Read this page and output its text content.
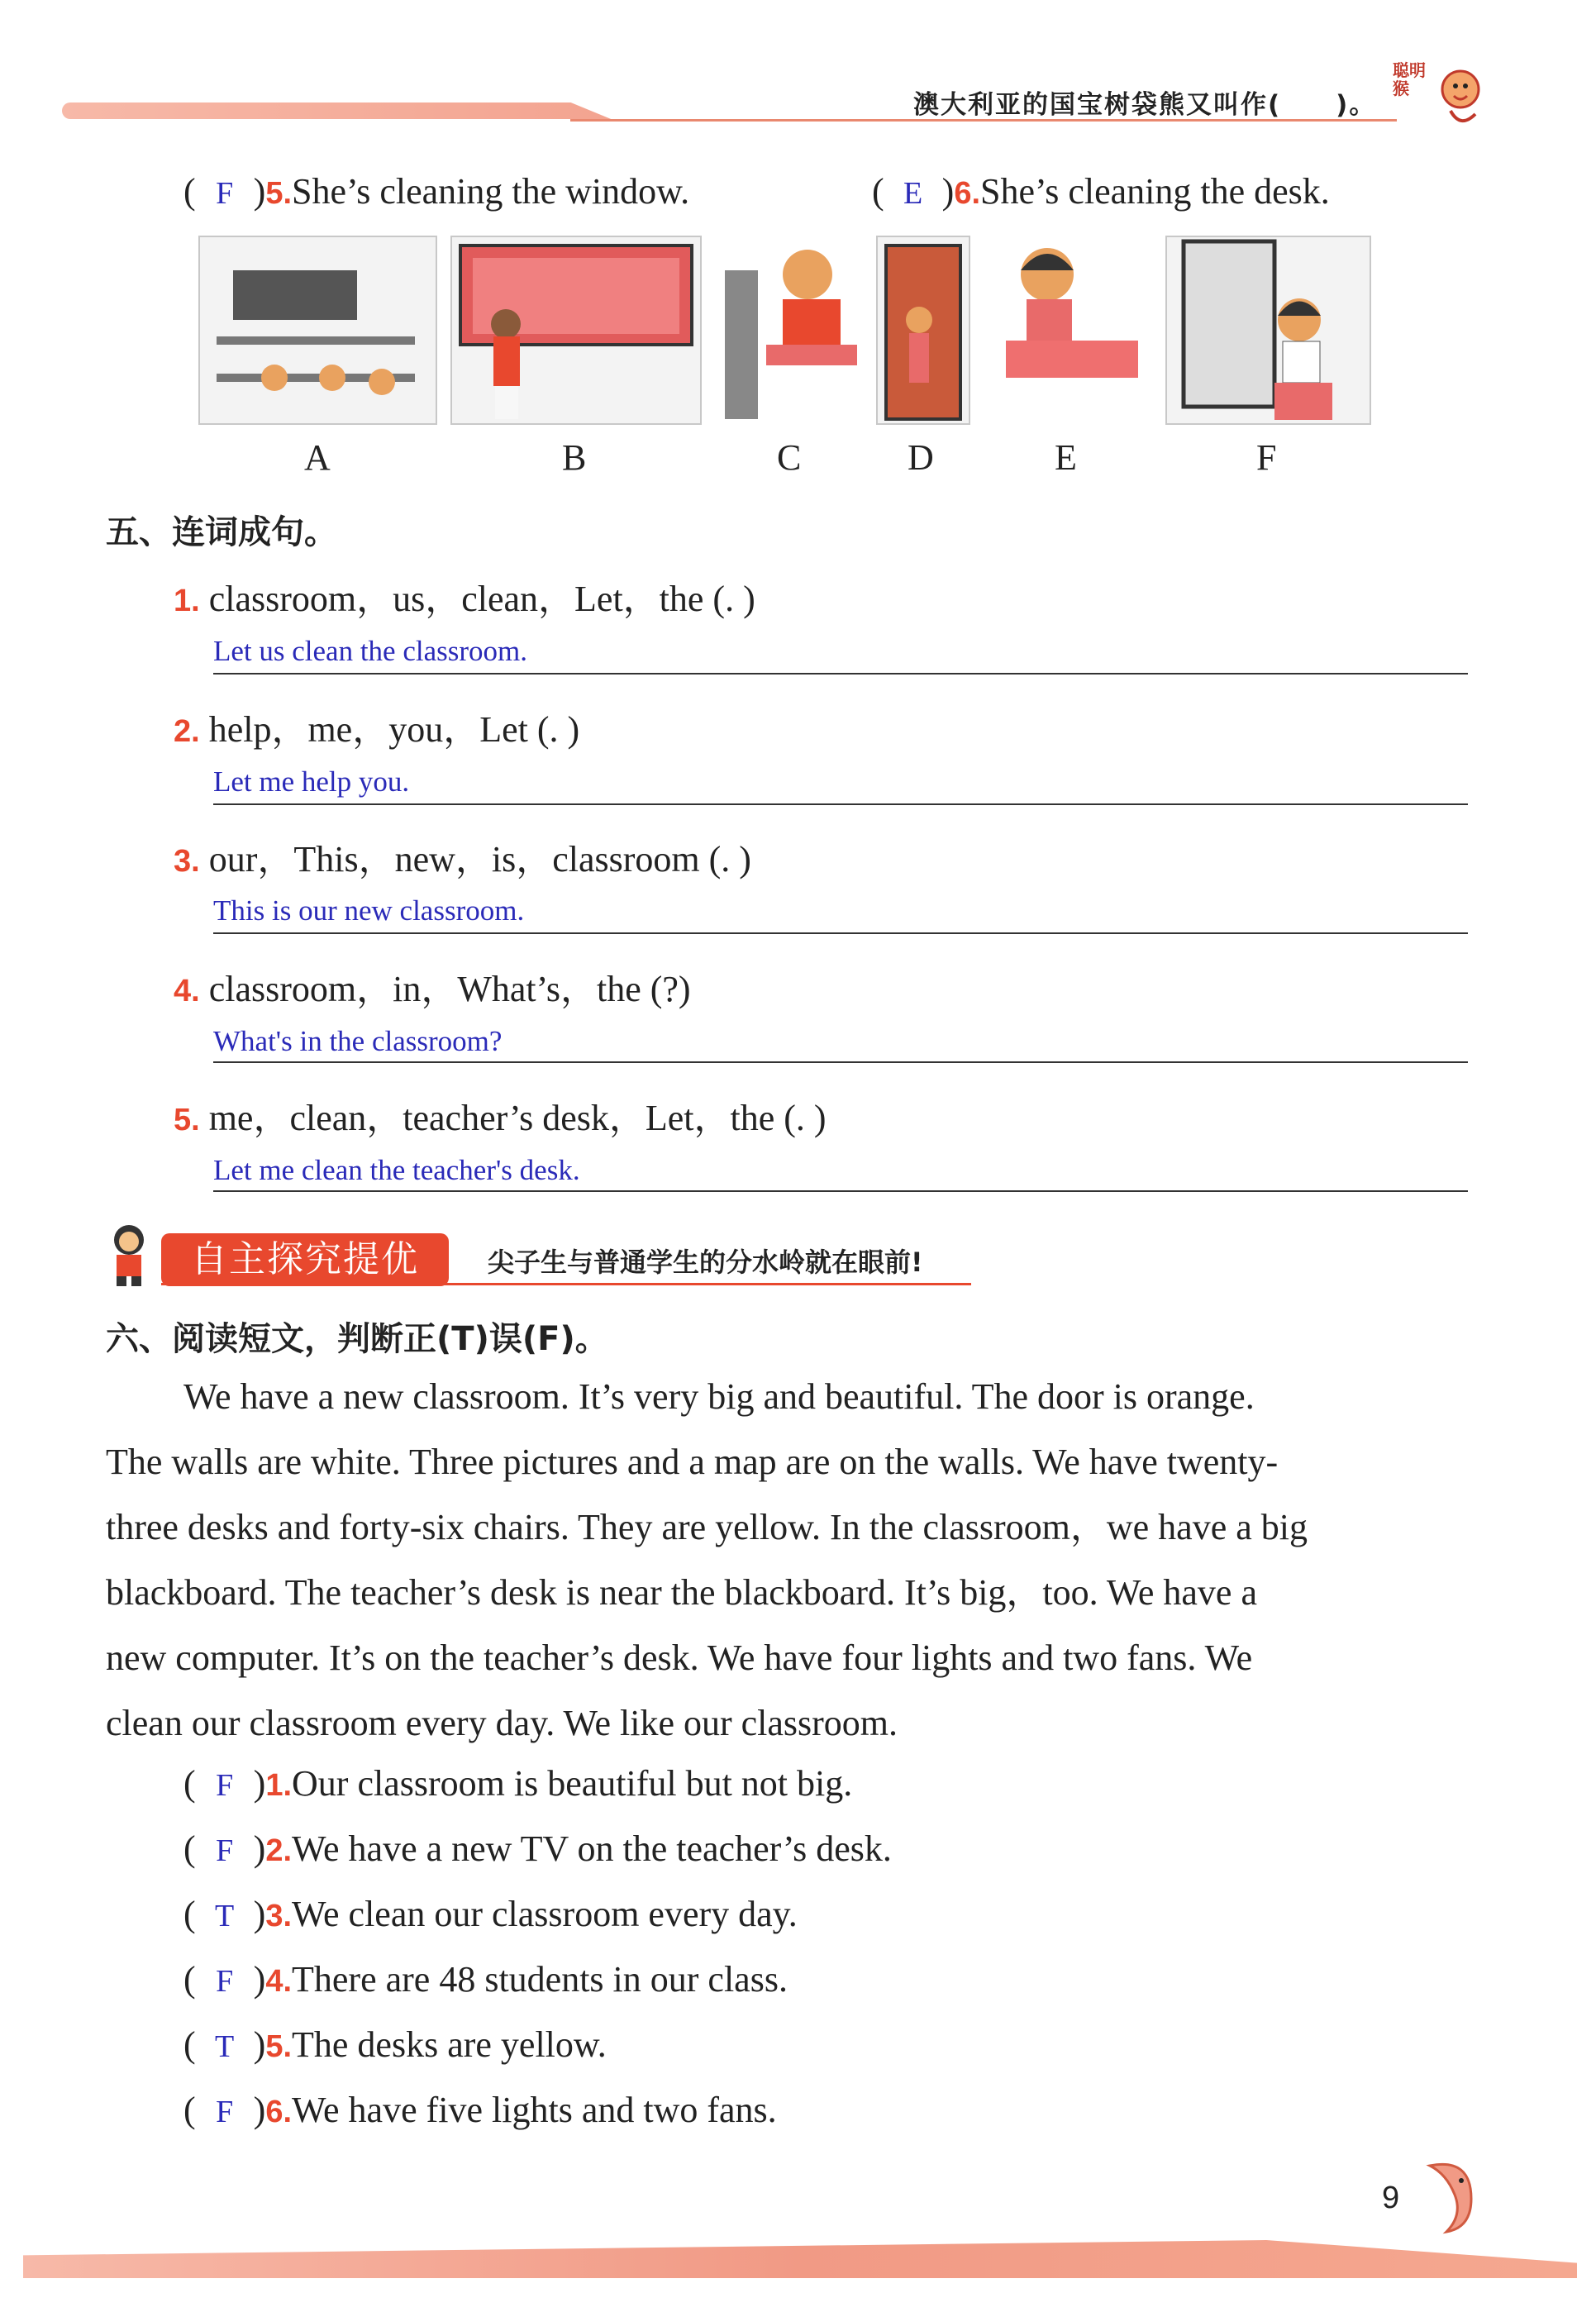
澳大利亚的国宝树袋熊又叫作(　　)。
聪明猴
( F )5.She’s cleaning the window.	( E )6.She’s cleaning the desk.
A	B	C	D	E	F
五、连词成句。
1. classroom，us，clean，Let，the (. )
Let us clean the classroom.
2. help，me，you，Let (. )
Let me help you.
3. our，This，new，is，classroom (. )
This is our new classroom.
4. classroom，in，What’s，the (?)
What's in the classroom?
5. me，clean，teacher’s desk，Let，the (. )
Let me clean the teacher's desk.
自主探究提优	尖子生与普通学生的分水岭就在眼前!
六、阅读短文，判断正(T)误(F)。
We have a new classroom. It’s very big and beautiful. The door is orange.
The walls are white. Three pictures and a map are on the walls. We have twenty-
three desks and forty-six chairs. They are yellow. In the classroom，we have a big
blackboard. The teacher’s desk is near the blackboard. It’s big，too. We have a
new computer. It’s on the teacher’s desk. We have four lights and two fans. We
clean our classroom every day. We like our classroom.
( F )1.Our classroom is beautiful but not big.
( F )2.We have a new TV on the teacher’s desk.
( T )3.We clean our classroom every day.
( F )4.There are 48 students in our class.
( T )5.The desks are yellow.
( F )6.We have five lights and two fans.
9
